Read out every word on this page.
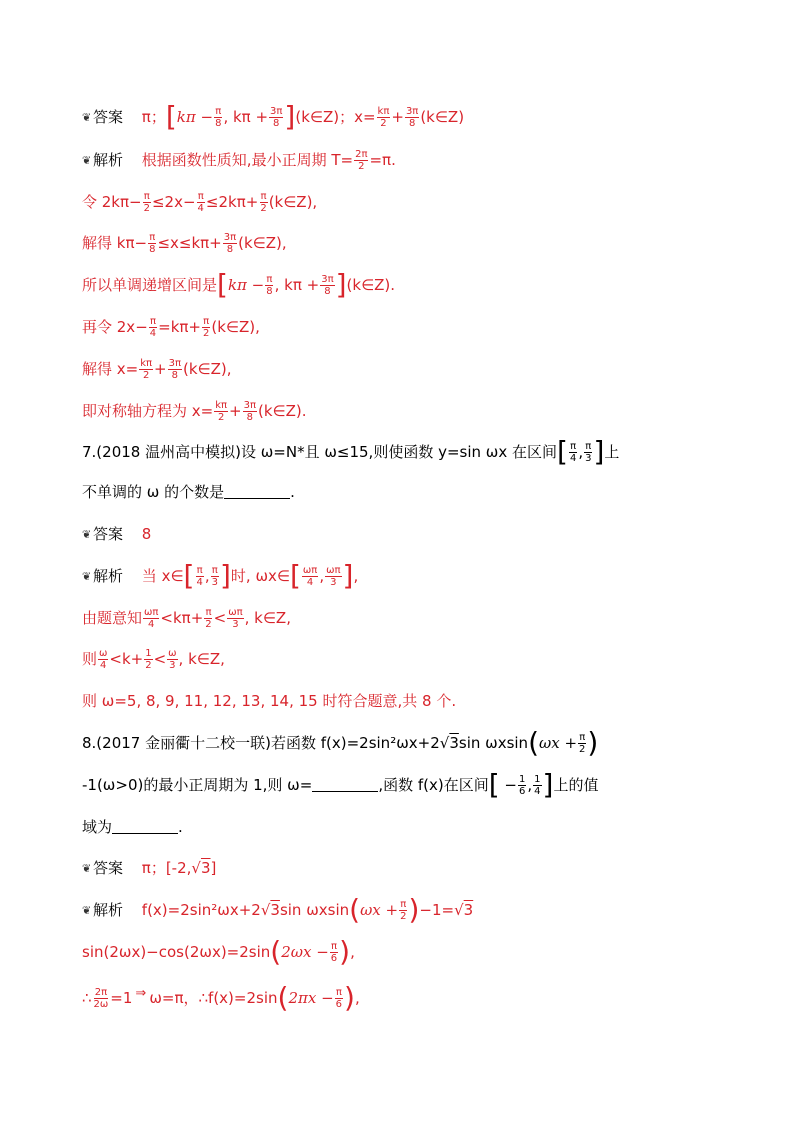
❦ 答案 π；[$k\pi - \frac{\pi}{8}$ , $k\pi + \frac{3\pi}{8}$ ](k∈Z)；$x= \frac{k\pi}{2} + \frac{3\pi}{8}$ (k∈Z)
❦ 解析 根据函数性质知,最小正周期 $T= \frac{2\pi}{2} =\pi$.
令 $2k\pi- \frac{\pi}{2} \le 2x- \frac{\pi}{4} \le 2k\pi+ \frac{\pi}{2}$ (k∈Z),
解得 $k\pi- \frac{\pi}{8} \le x\le k\pi+ \frac{3\pi}{8}$ (k∈Z),
所以单调递增区间是[$k\pi - \frac{\pi}{8}$ , $k\pi + \frac{3\pi}{8}$ ](k∈Z).
再令 $2x- \frac{\pi}{4} =k\pi+ \frac{\pi}{2}$ (k∈Z),
解得 $x= \frac{k\pi}{2} + \frac{3\pi}{8}$ (k∈Z),
即对称轴方程为 $x= \frac{k\pi}{2} + \frac{3\pi}{8}$ (k∈Z).
7.(2018 温州高中模拟)设 ω=N*且 ω≤15,则使函数 y=sin ωx 在区间[ $\frac{\pi}{4}$ , $\frac{\pi}{3}$ ]上
不单调的 ω 的个数是	.
❦ 答案 8
❦ 解析 当 x∈[ $\frac{\pi}{4}$ , $\frac{\pi}{3}$ ]时, ωx∈[ $\frac{\omega\pi}{4}$ , $\frac{\omega\pi}{3}$ ],
由题意知 $\frac{\omega\pi}{4} <k\pi+ \frac{\pi}{2} < \frac{\omega\pi}{3}$ , k∈Z,
则 $\frac{\omega}{4} <k+ \frac{1}{2} < \frac{\omega}{3}$ , k∈Z,
则 ω=5, 8, 9, 11, 12, 13, 14, 15 时符合题意,共 8 个.
8.(2017 金丽衢十二校一联)若函数 f(x)=2sin²ωx+2√3sin $\omega xsin(\omega x + \frac{\pi}{2}$ )
-1(ω>0)的最小正周期为 1,则 ω=	,函数 f(x)在区间[ − $\frac{1}{6}$ , $\frac{1}{4}$ ]上的值
域为	.
❦ 答案 π；[-2,√3]
❦ 解析 f(x)=2sin²ωx+2√3sin $\omega xsin(\omega x + \frac{\pi}{2} )-1=√3$
$\sin(2\omega x)-\cos(2\omega x)=2\sin(2\omega x - \frac{\pi}{6}$ ),
∴ $\frac{2\pi}{2\omega} =1$ ⇒ ω=π，∴f(x)=2sin(2πx − $\frac{\pi}{6}$ ),
